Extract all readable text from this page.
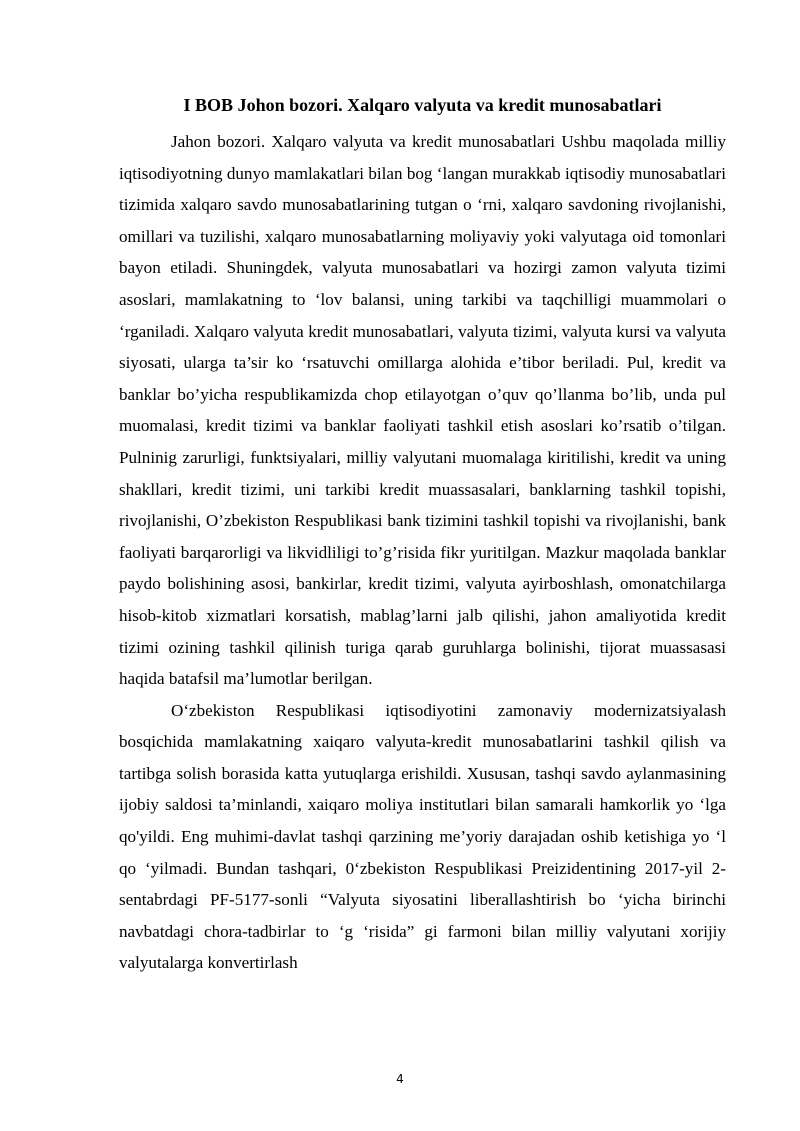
I BOB Johon bozori. Xalqaro valyuta va kredit munosabatlari

Jahon bozori. Xalqaro valyuta va kredit munosabatlari Ushbu maqolada milliy iqtisodiyotning dunyo mamlakatlari bilan bog ‘langan murakkab iqtisodiy munosabatlari tizimida xalqaro savdo munosabatlarining tutgan o ‘rni, xalqaro savdoning rivojlanishi, omillari va tuzilishi, xalqaro munosabatlarning moliyaviy yoki valyutaga oid tomonlari bayon etiladi. Shuningdek, valyuta munosabatlari va hozirgi zamon valyuta tizimi asoslari, mamlakatning to ‘lov balansi, uning tarkibi va taqchilligi muammolari o ‘rganiladi. Xalqaro valyuta kredit munosabatlari, valyuta tizimi, valyuta kursi va valyuta siyosati, ularga ta’sir ko ‘rsatuvchi omillarga alohida e’tibor beriladi. Pul, kredit va banklar bo’yicha respublikamizda chop etilayotgan o’quv qo’llanma bo’lib, unda pul muomalasi, kredit tizimi va banklar faoliyati tashkil etish asoslari ko’rsatib o’tilgan. Pulninig zarurligi, funktsiyalari, milliy valyutani muomalaga kiritilishi, kredit va uning shakllari, kredit tizimi, uni tarkibi kredit muassasalari, banklarning tashkil topishi, rivojlanishi, O’zbekiston Respublikasi bank tizimini tashkil topishi va rivojlanishi, bank faoliyati barqarorligi va likvidliligi to’g’risida fikr yuritilgan. Mazkur maqolada banklar paydo bolishining asosi, bankirlar, kredit tizimi, valyuta ayirboshlash, omonatchilarga hisob-kitob xizmatlari korsatish, mablag’larni jalb qilishi, jahon amaliyotida kredit tizimi ozining tashkil qilinish turiga qarab guruhlarga bolinishi, tijorat muassasasi haqida batafsil ma’lumotlar berilgan.

O‘zbekiston Respublikasi iqtisodiyotini zamonaviy modernizatsiyalash bosqichida mamlakatning xaiqaro valyuta-kredit munosabatlarini tashkil qilish va tartibga solish borasida katta yutuqlarga erishildi. Xususan, tashqi savdo aylanmasining ijobiy saldosi ta’minlandi, xaiqaro moliya institutlari bilan samarali hamkorlik yo ‘lga qo'yildi. Eng muhimi-davlat tashqi qarzining me’yoriy darajadan oshib ketishiga yo ‘l qo ‘yilmadi. Bundan tashqari, 0‘zbekiston Respublikasi Preizidentining 2017-yil 2-sentabrdagi PF-5177-sonli “Valyuta siyosatini liberallashtirish bo ‘yicha birinchi navbatdagi chora-tadbirlar to ‘g ‘risida” gi farmoni bilan milliy valyutani xorijiy valyutalarga konvertirlash

4
